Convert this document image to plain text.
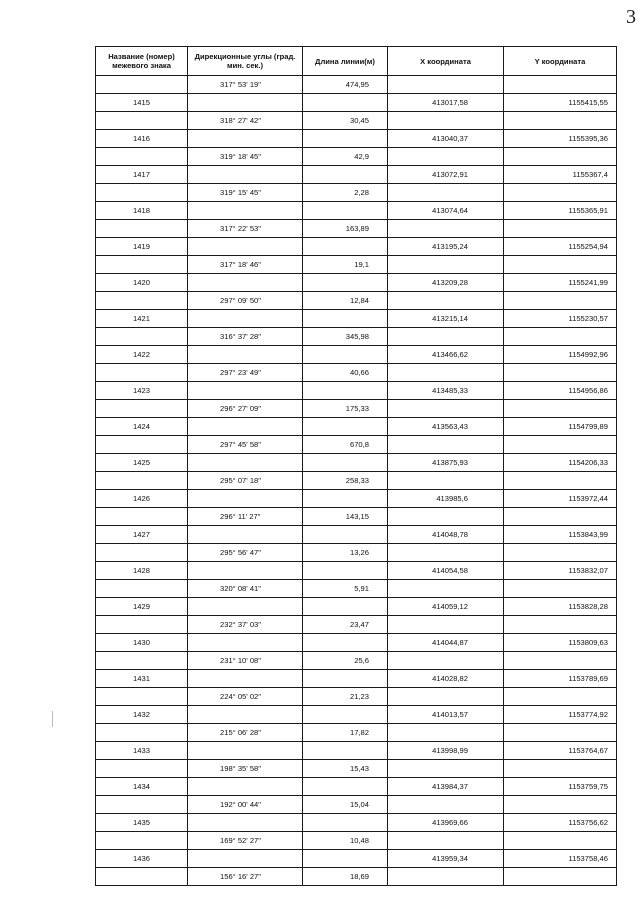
3
Название (номер) межевого знака	Дирекционные углы (град. мин. сек.)	Длина линии(м)	X координата	Y координата
	317° 53' 19"	474,95		
1415			413017,58	1155415,55
	318° 27' 42"	30,45		
1416			413040,37	1155395,36
	319° 18' 45"	42,9		
1417			413072,91	1155367,4
	319° 15' 45"	2,28		
1418			413074,64	1155365,91
	317° 22' 53"	163,89		
1419			413195,24	1155254,94
	317° 18' 46"	19,1		
1420			413209,28	1155241,99
	297° 09' 50"	12,84		
1421			413215,14	1155230,57
	316° 37' 28"	345,98		
1422			413466,62	1154992,96
	297° 23' 49"	40,66		
1423			413485,33	1154956,86
	296° 27' 09"	175,33		
1424			413563,43	1154799,89
	297° 45' 58"	670,8		
1425			413875,93	1154206,33
	295° 07' 18"	258,33		
1426			413985,6	1153972,44
	296° 11' 27"	143,15		
1427			414048,78	1153843,99
	295° 56' 47"	13,26		
1428			414054,58	1153832,07
	320° 08' 41"	5,91		
1429			414059,12	1153828,28
	232° 37' 03"	23,47		
1430			414044,87	1153809,63
	231° 10' 08"	25,6		
1431			414028,82	1153789,69
	224° 05' 02"	21,23		
1432			414013,57	1153774,92
	215° 06' 28"	17,82		
1433			413998,99	1153764,67
	198° 35' 58"	15,43		
1434			413984,37	1153759,75
	192° 00' 44"	15,04		
1435			413969,66	1153756,62
	169° 52' 27"	10,48		
1436			413959,34	1153758,46
	156° 16' 27"	18,69		
